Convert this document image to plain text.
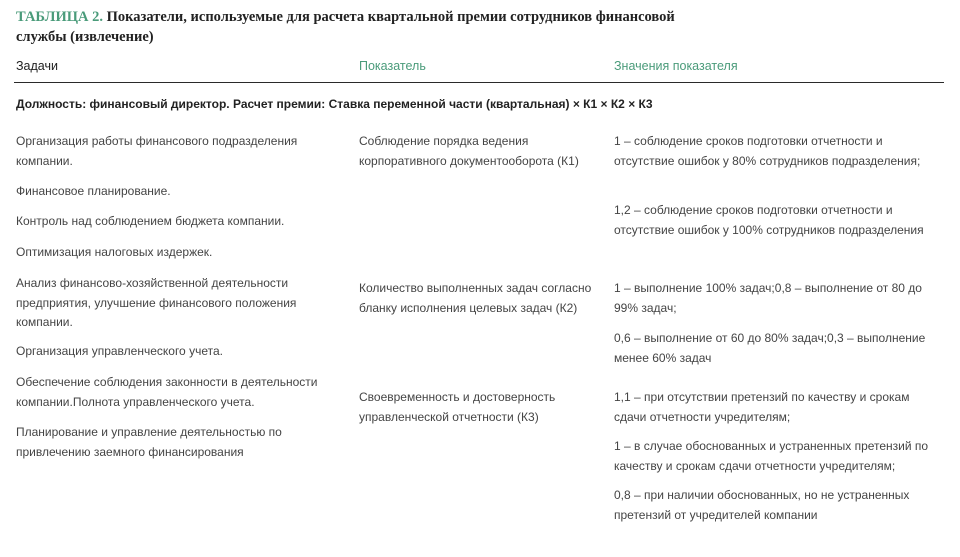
ТАБЛИЦА 2. Показатели, используемые для расчета квартальной премии сотрудников финансовой службы (извлечение)
Задачи	Показатель	Значения показателя
Должность: финансовый директор. Расчет премии: Ставка переменной части (квартальная) × К1 × К2 × К3

Организация работы финансового подразделения компании.

Финансовое планирование.

Контроль над соблюдением бюджета компании.

Оптимизация налоговых издержек.

Анализ финансово-хозяйственной деятельности предприятия, улучшение финансового положения компании.

Организация управленческого учета.

Обеспечение соблюдения законности в деятельности компании.Полнота управленческого учета.

Планирование и управление деятельностью по привлечению заемного финансирования

Соблюдение порядка ведения корпоративного документооборота (К1)

Количество выполненных задач согласно бланку исполнения целевых задач (К2)

Своевременность и достоверность управленческой отчетности (К3)

1 – соблюдение сроков подготовки отчетности и отсутствие ошибок у 80% сотрудников подразделения;

1,2 – соблюдение сроков подготовки отчетности и отсутствие ошибок у 100% сотрудников подразделения

1 – выполнение 100% задач;0,8 – выполнение от 80 до 99% задач;

0,6 – выполнение от 60 до 80% задач;0,3 – выполнение менее 60% задач

1,1 – при отсутствии претензий по качеству и срокам сдачи отчетности учредителям;

1 – в случае обоснованных и устраненных претензий по качеству и срокам сдачи отчетности учредителям;

0,8 – при наличии обоснованных, но не устраненных претензий от учредителей компании
